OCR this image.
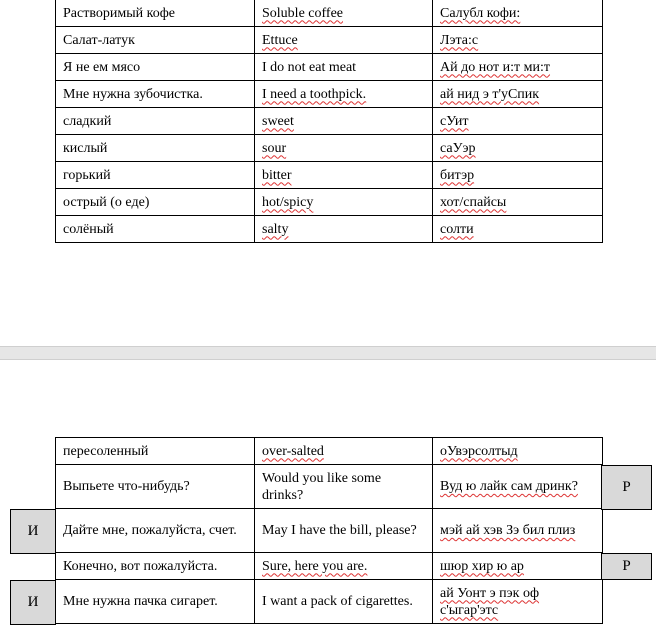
Растворимый кофе	Soluble coffee	Салубл кофи:
Салат-латук	Ettuce	Лэта:с
Я не ем мясо	I do not eat meat	Ай до нот и:т ми:т
Мне нужна зубочистка.	I need a toothpick.	ай нид э т'уСпик
сладкий	sweet	сУит
кислый	sour	саУэр
горький	bitter	битэр
острый (о еде)	hot/spicy	хот/спайсы
солёный	salty	солти
пересоленный	over-salted	оУвэрсолтыд
Выпьете что-нибудь?	Would you like some drinks?	Вуд ю лайк сам дринк?
Дайте мне, пожалуйста, счет.	May I have the bill, please?	мэй ай хэв Зэ бил плиз
Конечно, вот пожалуйста.	Sure, here you are.	шюр хир ю ар
Мне нужна пачка сигарет.	I want a pack of cigarettes.	ай Уонт э пэк оф с'ыгар'этс
Р
И
Р
И
